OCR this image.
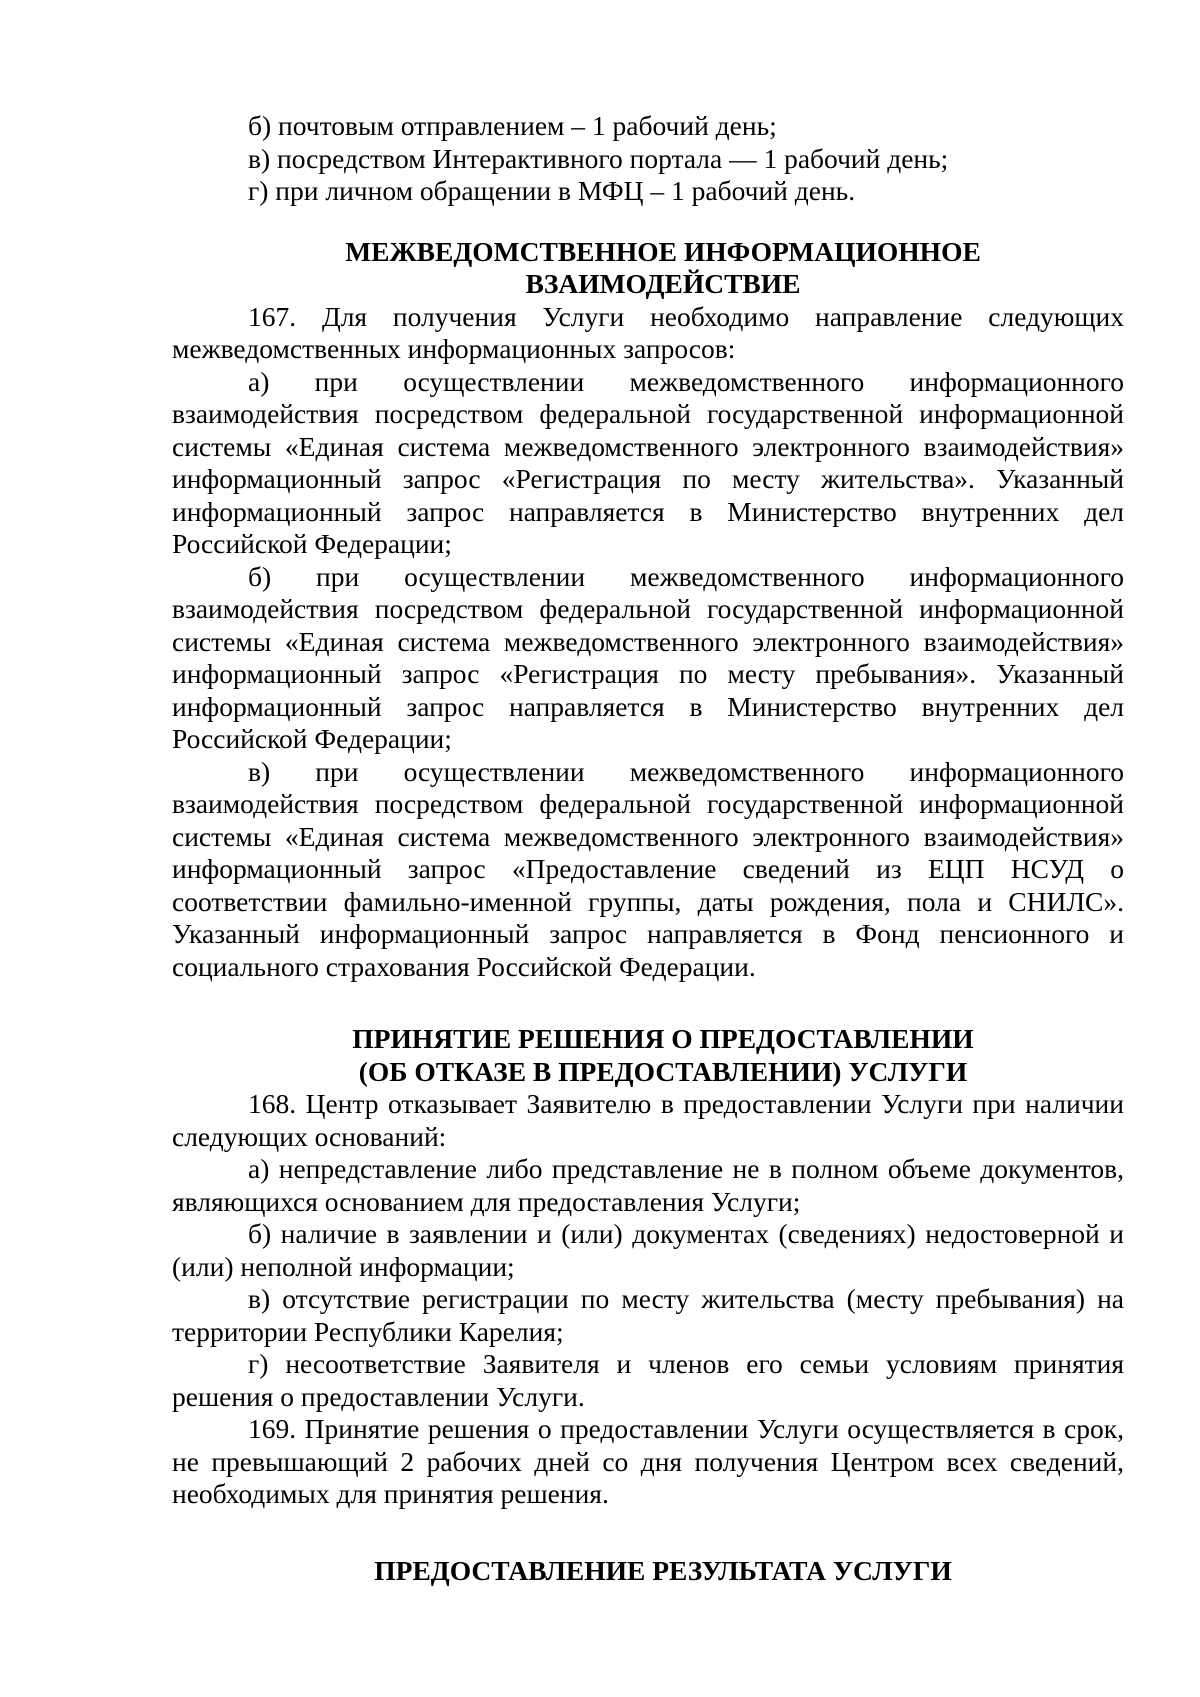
б) почтовым отправлением – 1 рабочий день;

в) посредством Интерактивного портала — 1 рабочий день;

г) при личном обращении в МФЦ – 1 рабочий день.

МЕЖВЕДОМСТВЕННОЕ ИНФОРМАЦИОННОЕ
ВЗАИМОДЕЙСТВИЕ

167. Для получения Услуги необходимо направление следующих межведомственных информационных запросов:

а) при осуществлении межведомственного информационного взаимодействия посредством федеральной государственной информационной системы «Единая система межведомственного электронного взаимодействия» информационный запрос «Регистрация по месту жительства». Указанный информационный запрос направляется в Министерство внутренних дел Российской Федерации;

б) при осуществлении межведомственного информационного взаимодействия посредством федеральной государственной информационной системы «Единая система межведомственного электронного взаимодействия» информационный запрос «Регистрация по месту пребывания». Указанный информационный запрос направляется в Министерство внутренних дел Российской Федерации;

в) при осуществлении межведомственного информационного взаимодействия посредством федеральной государственной информационной системы «Единая система межведомственного электронного взаимодействия» информационный запрос «Предоставление сведений из ЕЦП НСУД о соответствии фамильно-именной группы, даты рождения, пола и СНИЛС». Указанный информационный запрос направляется в Фонд пенсионного и социального страхования Российской Федерации.

ПРИНЯТИЕ РЕШЕНИЯ О ПРЕДОСТАВЛЕНИИ
(ОБ ОТКАЗЕ В ПРЕДОСТАВЛЕНИИ) УСЛУГИ

168. Центр отказывает Заявителю в предоставлении Услуги при наличии следующих оснований:

а) непредставление либо представление не в полном объеме документов, являющихся основанием для предоставления Услуги;

б) наличие в заявлении и (или) документах (сведениях) недостоверной и (или) неполной информации;

в) отсутствие регистрации по месту жительства (месту пребывания) на территории Республики Карелия;

г) несоответствие Заявителя и членов его семьи условиям принятия решения о предоставлении Услуги.

169. Принятие решения о предоставлении Услуги осуществляется в срок, не превышающий 2 рабочих дней со дня получения Центром всех сведений, необходимых для принятия решения.

ПРЕДОСТАВЛЕНИЕ РЕЗУЛЬТАТА УСЛУГИ
